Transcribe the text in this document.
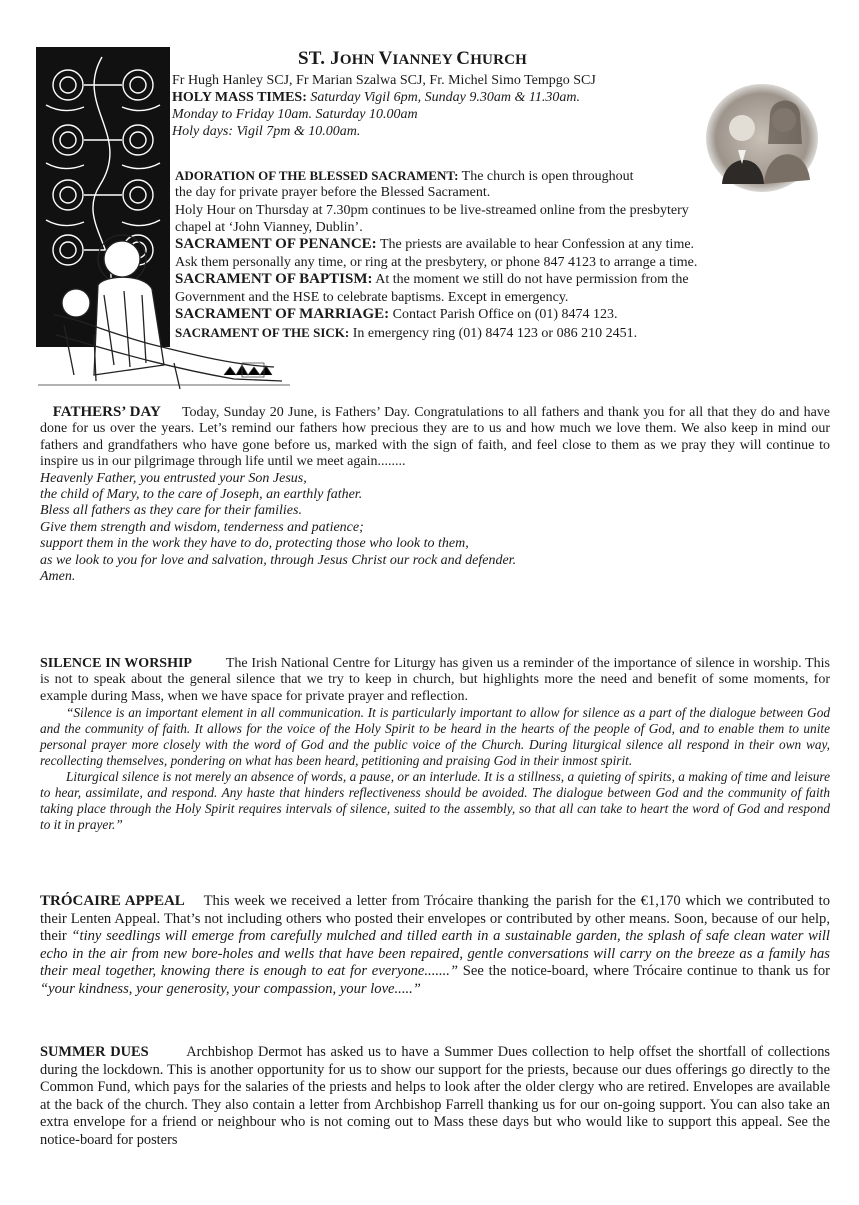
ST. JOHN VIANNEY CHURCH
Fr Hugh Hanley SCJ, Fr Marian Szalwa SCJ, Fr. Michel Simo Tempgo SCJ
HOLY MASS TIMES: Saturday Vigil 6pm, Sunday 9.30am & 11.30am.
Monday to Friday 10am. Saturday 10.00am
Holy days: Vigil 7pm & 10.00am.
ADORATION OF THE BLESSED SACRAMENT: The church is open throughout
the day for private prayer before the Blessed Sacrament.
Holy Hour on Thursday at 7.30pm continues to be live-streamed online from the presbytery
chapel at ‘John Vianney, Dublin’.
SACRAMENT OF PENANCE: The priests are available to hear Confession at any time.
Ask them personally any time, or ring at the presbytery, or phone 847 4123 to arrange a time.
SACRAMENT OF BAPTISM: At the moment we still do not have permission from the
Government and the HSE to celebrate baptisms. Except in emergency.
SACRAMENT OF MARRIAGE: Contact Parish Office on (01) 8474 123.
SACRAMENT OF THE SICK: In emergency ring (01) 8474 123 or 086 210 2451.

FATHERS’ DAY Today, Sunday 20 June, is Fathers’ Day. Congratulations to all fathers and thank you for all that they do and have done for us over the years. Let’s remind our fathers how precious they are to us and how much we love them. We also keep in mind our fathers and grandfathers who have gone before us, marked with the sign of faith, and feel close to them as we pray they will continue to inspire us in our pilgrimage through life until we meet again........

Heavenly Father, you entrusted your Son Jesus,

the child of Mary, to the care of Joseph, an earthly father.

Bless all fathers as they care for their families.

Give them strength and wisdom, tenderness and patience;

support them in the work they have to do, protecting those who look to them,

as we look to you for love and salvation, through Jesus Christ our rock and defender.

Amen.

SILENCE IN WORSHIP The Irish National Centre for Liturgy has given us a reminder of the importance of silence in worship. This is not to speak about the general silence that we try to keep in church, but highlights more the need and benefit of some moments, for example during Mass, when we have space for private prayer and reflection.

“Silence is an important element in all communication. It is particularly important to allow for silence as a part of the dialogue between God and the community of faith. It allows for the voice of the Holy Spirit to be heard in the hearts of the people of God, and to enable them to unite personal prayer more closely with the word of God and the public voice of the Church. During liturgical silence all respond in their own way, recollecting themselves, pondering on what has been heard, petitioning and praising God in their inmost spirit.

Liturgical silence is not merely an absence of words, a pause, or an interlude. It is a stillness, a quieting of spirits, a making of time and leisure to hear, assimilate, and respond. Any haste that hinders reflectiveness should be avoided. The dialogue between God and the community of faith taking place through the Holy Spirit requires intervals of silence, suited to the assembly, so that all can take to heart the word of God and respond to it in prayer.”

TRÓCAIRE APPEAL This week we received a letter from Trócaire thanking the parish for the €1,170 which we contributed to their Lenten Appeal. That’s not including others who posted their envelopes or contributed by other means. Soon, because of our help, their “tiny seedlings will emerge from carefully mulched and tilled earth in a sustainable garden, the splash of safe clean water will echo in the air from new bore-holes and wells that have been repaired, gentle conversations will carry on the breeze as a family has their meal together, knowing there is enough to eat for everyone.......” See the notice-board, where Trócaire continue to thank us for “your kindness, your generosity, your compassion, your love.....”

SUMMER DUES	Archbishop Dermot has asked us to have a Summer Dues collection to help offset the shortfall of collections during the lockdown. This is another opportunity for us to show our support for the priests, because our dues offerings go directly to the Common Fund, which pays for the salaries of the priests and helps to look after the older clergy who are retired. Envelopes are available at the back of the church. They also contain a letter from Archbishop Farrell thanking us for our on-going support. You can also take an extra envelope for a friend or neighbour who is not coming out to Mass these days but who would like to support this appeal. See the notice-board for posters
